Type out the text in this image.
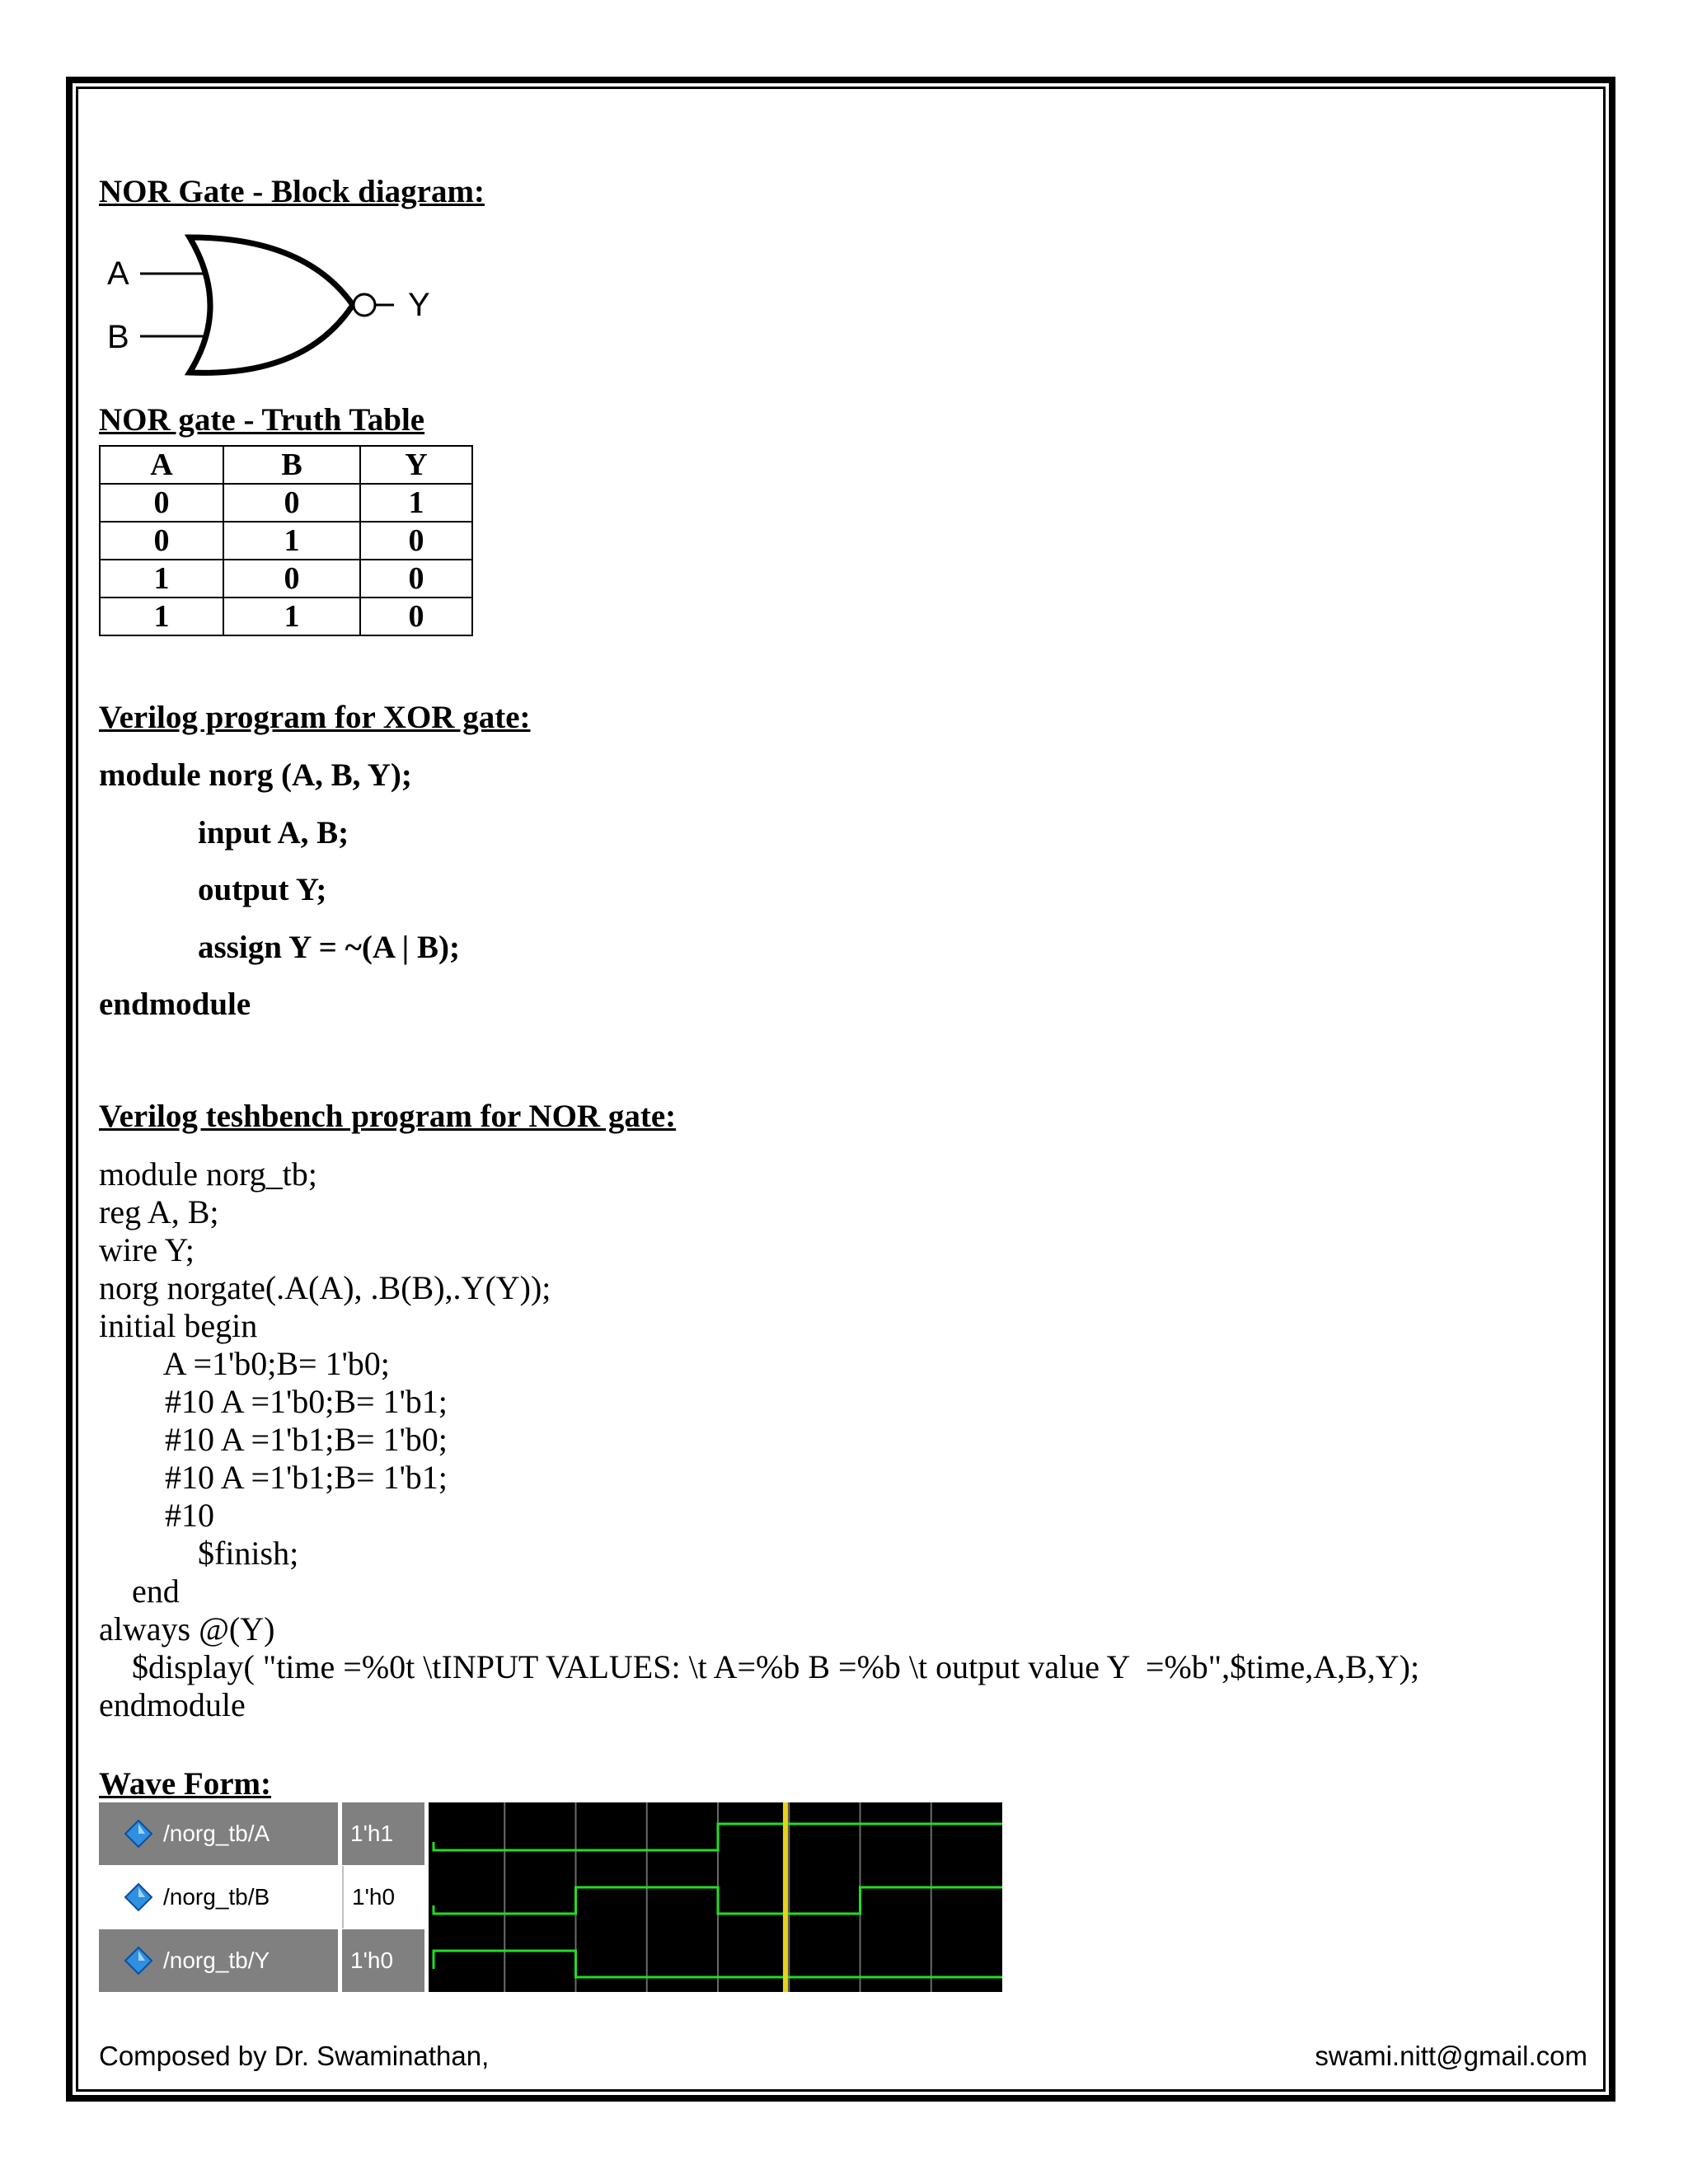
NOR Gate - Block diagram:
A
B
Y
NOR gate - Truth Table
A	B	Y
0	0	1
0	1	0
1	0	0
1	1	0
Verilog program for XOR gate:
module norg (A, B, Y);
input A, B;
output Y;
assign Y = ~(A | B);
endmodule
Verilog teshbench program for NOR gate:
module norg_tb;
reg A, B;
wire Y;
norg norgate(.A(A), .B(B),.Y(Y));
initial begin
A =1'b0;B= 1'b0;
#10 A =1'b0;B= 1'b1;
#10 A =1'b1;B= 1'b0;
#10 A =1'b1;B= 1'b1;
#10
$finish;
end
always @(Y)
$display( "time =%0t \tINPUT VALUES: \t A=%b B =%b \t output value Y  =%b",$time,A,B,Y);
endmodule
Wave Form:
/norg_tb/A	1'h1
/norg_tb/B	1'h0
/norg_tb/Y	1'h0
Composed by Dr. Swaminathan,	swami.nitt@gmail.com
